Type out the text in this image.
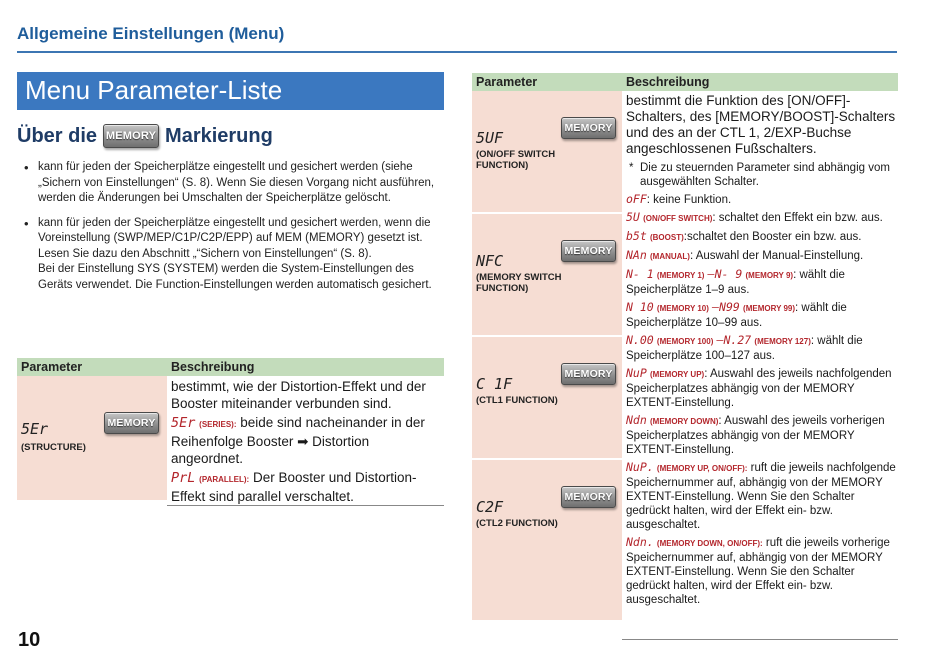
Allgemeine Einstellungen (Menu)
Menu Parameter-Liste
Über die MEMORY Markierung
• kann für jeden der Speicherplätze eingestellt und gesichert werden (siehe „Sichern von Einstellungen“ (S. 8). Wenn Sie diesen Vorgang nicht ausführen, werden die Änderungen bei Umschalten der Speicherplätze gelöscht.
• kann für jeden der Speicherplätze eingestellt und gesichert werden, wenn die Voreinstellung (SWP/MEP/C1P/C2P/EPP) auf MEM (MEMORY) gesetzt ist. Lesen Sie dazu den Abschnitt „“Sichern von Einstellungen“ (S. 8).
Bei der Einstellung SYS (SYSTEM) werden die System-Einstellungen des Geräts verwendet. Die Function-Einstellungen werden automatisch gesichert.
Parameter	Beschreibung
5Er
(STRUCTURE)
MEMORY
bestimmt, wie der Distortion-Effekt und der Booster miteinander verbunden sind.
5Er (SERIES): beide sind nacheinander in der Reihenfolge Booster ➡ Distortion angeordnet.
PrL (PARALLEL): Der Booster und Distortion-Effekt sind parallel verschaltet.
Parameter	Beschreibung
5UF
(ON/OFF SWITCH
FUNCTION)
MEMORY
NFC
(MEMORY SWITCH
FUNCTION)
MEMORY
C 1F
(CTL1 FUNCTION)
MEMORY
C2F
(CTL2 FUNCTION)
MEMORY
bestimmt die Funktion des [ON/OFF]-Schalters, des [MEMORY/BOOST]-Schalters und des an der CTL 1, 2/EXP-Buchse angeschlossenen Fußschalters.
* Die zu steuernden Parameter sind abhängig vom ausgewählten Schalter.
oFF: keine Funktion.
5U (ON/OFF SWITCH): schaltet den Effekt ein bzw. aus.
b5t (BOOST):schaltet den Booster ein bzw. aus.
NAn (MANUAL): Auswahl der Manual-Einstellung.
N- 1 (MEMORY 1) –N- 9 (MEMORY 9): wählt die Speicherplätze 1–9 aus.
N 10 (MEMORY 10) –N99 (MEMORY 99): wählt die Speicherplätze 10–99 aus.
N.00 (MEMORY 100) –N.27 (MEMORY 127): wählt die Speicherplätze 100–127 aus.
NuP (MEMORY UP): Auswahl des jeweils nachfolgenden Speicherplatzes abhängig von der MEMORY EXTENT-Einstellung.
Ndn (MEMORY DOWN): Auswahl des jeweils vorherigen Speicherplatzes abhängig von der MEMORY EXTENT-Einstellung.
NuP. (MEMORY UP, ON/OFF): ruft die jeweils nachfolgende Speichernummer auf, abhängig von der MEMORY EXTENT-Einstellung. Wenn Sie den Schalter gedrückt halten, wird der Effekt ein- bzw. ausgeschaltet.
Ndn. (MEMORY DOWN, ON/OFF): ruft die jeweils vorherige Speichernummer auf, abhängig von der MEMORY EXTENT-Einstellung. Wenn Sie den Schalter gedrückt halten, wird der Effekt ein- bzw. ausgeschaltet.
10
